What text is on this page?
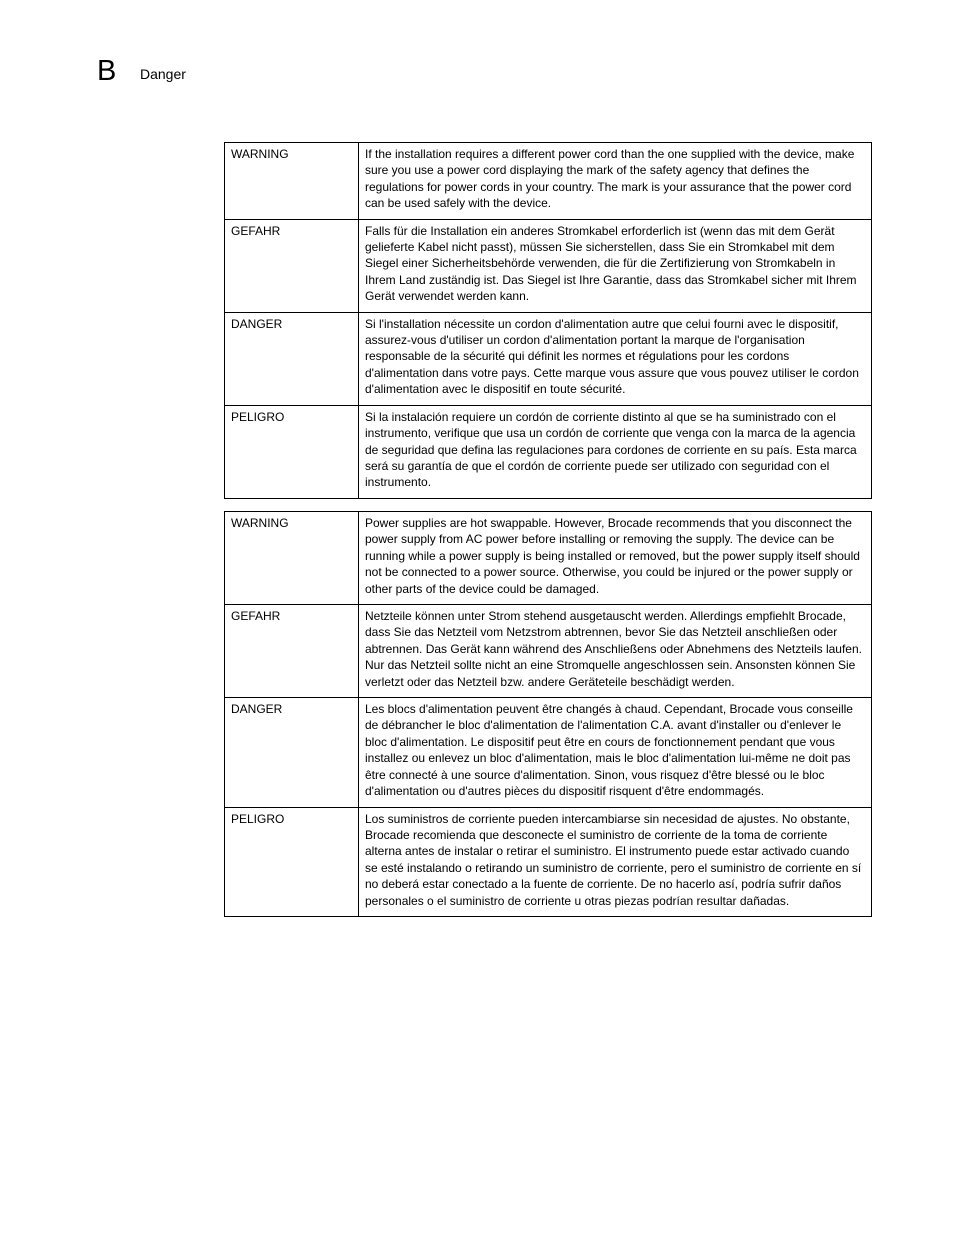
B Danger
WARNING	If the installation requires a different power cord than the one supplied with the device, make sure you use a power cord displaying the mark of the safety agency that defines the regulations for power cords in your country. The mark is your assurance that the power cord can be used safely with the device.
GEFAHR	Falls für die Installation ein anderes Stromkabel erforderlich ist (wenn das mit dem Gerät gelieferte Kabel nicht passt), müssen Sie sicherstellen, dass Sie ein Stromkabel mit dem Siegel einer Sicherheitsbehörde verwenden, die für die Zertifizierung von Stromkabeln in Ihrem Land zuständig ist. Das Siegel ist Ihre Garantie, dass das Stromkabel sicher mit Ihrem Gerät verwendet werden kann.
DANGER	Si l'installation nécessite un cordon d'alimentation autre que celui fourni avec le dispositif, assurez-vous d'utiliser un cordon d'alimentation portant la marque de l'organisation responsable de la sécurité qui définit les normes et régulations pour les cordons d'alimentation dans votre pays. Cette marque vous assure que vous pouvez utiliser le cordon d'alimentation avec le dispositif en toute sécurité.
PELIGRO	Si la instalación requiere un cordón de corriente distinto al que se ha suministrado con el instrumento, verifique que usa un cordón de corriente que venga con la marca de la agencia de seguridad que defina las regulaciones para cordones de corriente en su país. Esta marca será su garantía de que el cordón de corriente puede ser utilizado con seguridad con el instrumento.
WARNING	Power supplies are hot swappable. However, Brocade recommends that you disconnect the power supply from AC power before installing or removing the supply. The device can be running while a power supply is being installed or removed, but the power supply itself should not be connected to a power source. Otherwise, you could be injured or the power supply or other parts of the device could be damaged.
GEFAHR	Netzteile können unter Strom stehend ausgetauscht werden. Allerdings empfiehlt Brocade, dass Sie das Netzteil vom Netzstrom abtrennen, bevor Sie das Netzteil anschließen oder abtrennen. Das Gerät kann während des Anschließens oder Abnehmens des Netzteils laufen. Nur das Netzteil sollte nicht an eine Stromquelle angeschlossen sein. Ansonsten können Sie verletzt oder das Netzteil bzw. andere Geräteteile beschädigt werden.
DANGER	Les blocs d'alimentation peuvent être changés à chaud. Cependant, Brocade vous conseille de débrancher le bloc d'alimentation de l'alimentation C.A. avant d'installer ou d'enlever le bloc d'alimentation. Le dispositif peut être en cours de fonctionnement pendant que vous installez ou enlevez un bloc d'alimentation, mais le bloc d'alimentation lui-même ne doit pas être connecté à une source d'alimentation. Sinon, vous risquez d'être blessé ou le bloc d'alimentation ou d'autres pièces du dispositif risquent d'être endommagés.
PELIGRO	Los suministros de corriente pueden intercambiarse sin necesidad de ajustes. No obstante, Brocade recomienda que desconecte el suministro de corriente de la toma de corriente alterna antes de instalar o retirar el suministro. El instrumento puede estar activado cuando se esté instalando o retirando un suministro de corriente, pero el suministro de corriente en sí no deberá estar conectado a la fuente de corriente. De no hacerlo así, podría sufrir daños personales o el suministro de corriente u otras piezas podrían resultar dañadas.
